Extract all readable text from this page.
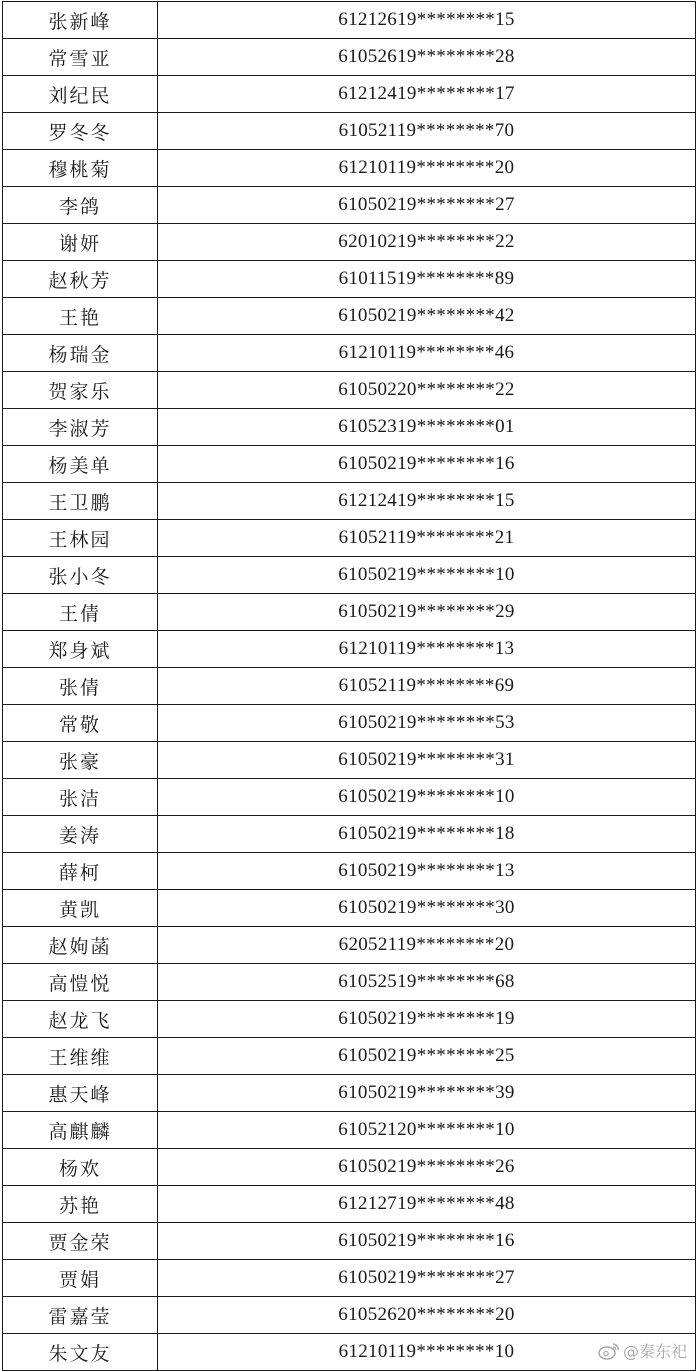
张新峰	61212619********15
常雪亚	61052619********28
刘纪民	61212419********17
罗冬冬	61052119********70
穆桃菊	61210119********20
李鸽	61050219********27
谢妍	62010219********22
赵秋芳	61011519********89
王艳	61050219********42
杨瑞金	61210119********46
贺家乐	61050220********22
李淑芳	61052319********01
杨美单	61050219********16
王卫鹏	61212419********15
王林园	61052119********21
张小冬	61050219********10
王倩	61050219********29
郑身斌	61210119********13
张倩	61052119********69
常敬	61050219********53
张豪	61050219********31
张洁	61050219********10
姜涛	61050219********18
薛柯	61050219********13
黄凯	61050219********30
赵姁菡	62052119********20
高愷悦	61052519********68
赵龙飞	61050219********19
王维维	61050219********25
惠天峰	61050219********39
高麒麟	61052120********10
杨欢	61050219********26
苏艳	61212719********48
贾金荣	61050219********16
贾娟	61050219********27
雷嘉莹	61052620********20
朱文友	61210119********10	@秦东祀
